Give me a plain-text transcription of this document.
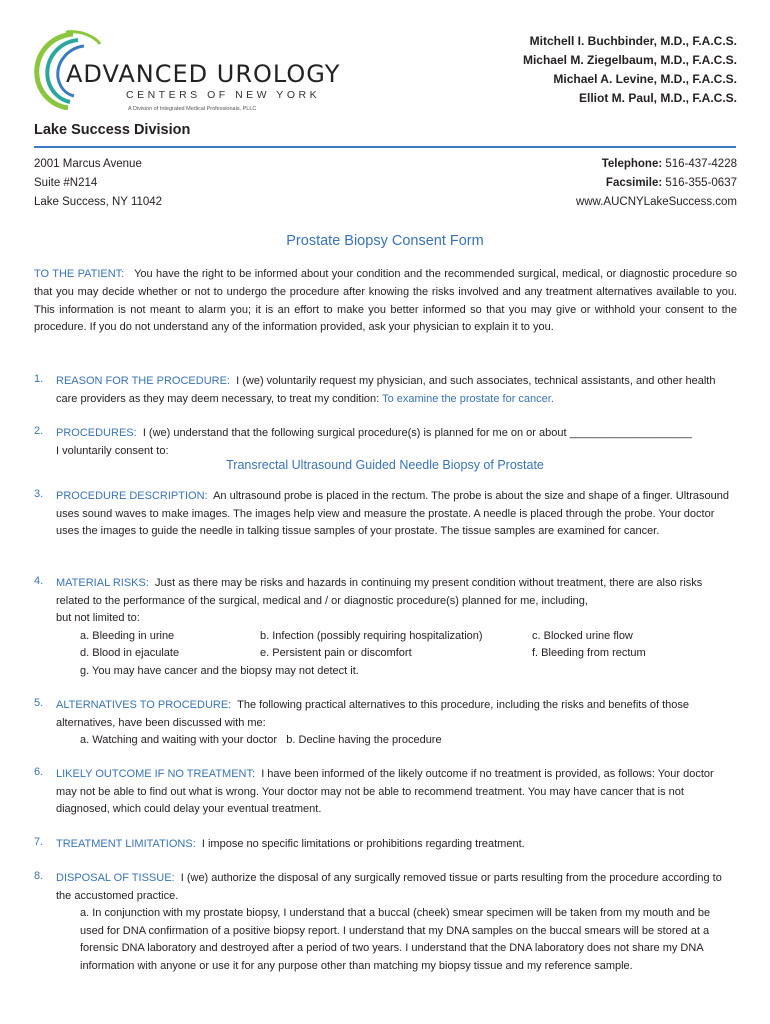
ADVANCED UROLOGY
CENTERS OF NEW YORK
A Division of Integrated Medical Professionals, PLLC
Mitchell I. Buchbinder, M.D., F.A.C.S.
Michael M. Ziegelbaum, M.D., F.A.C.S.
Michael A. Levine, M.D., F.A.C.S.
Elliot M. Paul, M.D., F.A.C.S.
Lake Success Division
2001 Marcus Avenue
Suite #N214
Lake Success, NY 11042
Telephone: 516-437-4228
Facsimile: 516-355-0637
www.AUCNYLakeSuccess.com
Prostate Biopsy Consent Form
TO THE PATIENT: You have the right to be informed about your condition and the recommended surgical, medical, or diagnostic procedure so that you may decide whether or not to undergo the procedure after knowing the risks involved and any treatment alternatives available to you. This information is not meant to alarm you; it is an effort to make you better informed so that you may give or withhold your consent to the procedure. If you do not understand any of the information provided, ask your physician to explain it to you.
1. REASON FOR THE PROCEDURE: I (we) voluntarily request my physician, and such associates, technical assistants, and other health care providers as they may deem necessary, to treat my condition: To examine the prostate for cancer.
2. PROCEDURES: I (we) understand that the following surgical procedure(s) is planned for me on or about ____________________
I voluntarily consent to:
Transrectal Ultrasound Guided Needle Biopsy of Prostate
3. PROCEDURE DESCRIPTION: An ultrasound probe is placed in the rectum. The probe is about the size and shape of a finger. Ultrasound uses sound waves to make images. The images help view and measure the prostate. A needle is placed through the probe. Your doctor uses the images to guide the needle in talking tissue samples of your prostate. The tissue samples are examined for cancer.
4. MATERIAL RISKS: Just as there may be risks and hazards in continuing my present condition without treatment, there are also risks related to the performance of the surgical, medical and / or diagnostic procedure(s) planned for me, including,
but not limited to:
a. Bleeding in urine	b. Infection (possibly requiring hospitalization)	c. Blocked urine flow
d. Blood in ejaculate	e. Persistent pain or discomfort	f. Bleeding from rectum
g. You may have cancer and the biopsy may not detect it.
5. ALTERNATIVES TO PROCEDURE: The following practical alternatives to this procedure, including the risks and benefits of those alternatives, have been discussed with me:
a. Watching and waiting with your doctor b. Decline having the procedure
6. LIKELY OUTCOME IF NO TREATMENT: I have been informed of the likely outcome if no treatment is provided, as follows: Your doctor may not be able to find out what is wrong. Your doctor may not be able to recommend treatment. You may have cancer that is not diagnosed, which could delay your eventual treatment.
7. TREATMENT LIMITATIONS: I impose no specific limitations or prohibitions regarding treatment.
8. DISPOSAL OF TISSUE: I (we) authorize the disposal of any surgically removed tissue or parts resulting from the procedure according to the accustomed practice.
a. In conjunction with my prostate biopsy, I understand that a buccal (cheek) smear specimen will be taken from my mouth and be used for DNA confirmation of a positive biopsy report. I understand that my DNA samples on the buccal smears will be stored at a forensic DNA laboratory and destroyed after a period of two years. I understand that the DNA laboratory does not share my DNA information with anyone or use it for any purpose other than matching my biopsy tissue and my reference sample.
